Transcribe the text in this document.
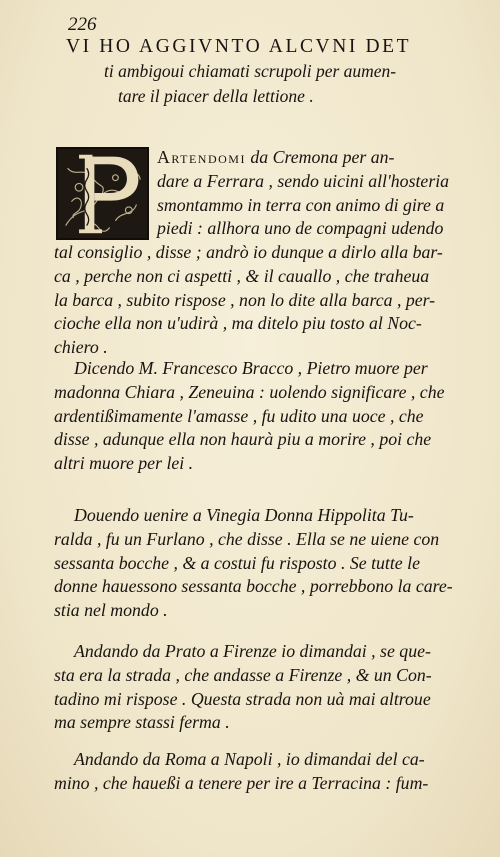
226
VI HO AGGIVNTO ALCVNI DET
ti ambigoui chiamati scrupoli per aumen-
tare il piacer della lettione .
Artendomi da Cremona per an-
dare a Ferrara , sendo uicini all'hosteria
smontammo in terra con animo di gire a
piedi : allhora uno de compagni udendo
tal consiglio , disse ; andrò io dunque a dirlo alla bar-
ca , perche non ci aspetti , & il cauallo , che traheua
la barca , subito rispose , non lo dite alla barca , per-
cioche ella non u'udirà , ma ditelo piu tosto al Noc-
chiero .
Dicendo M. Francesco Bracco , Pietro muore per
madonna Chiara , Zeneuina : uolendo significare , che
ardentißimamente l'amasse , fu udito una uoce , che
disse , adunque ella non haurà piu a morire , poi che
altri muore per lei .
Douendo uenire a Vinegia Donna Hippolita Tu-
ralda , fu un Furlano , che disse . Ella se ne uiene con
sessanta bocche , & a costui fu risposto . Se tutte le
donne hauessono sessanta bocche , porrebbono la care-
stia nel mondo .
Andando da Prato a Firenze io dimandai , se que-
sta era la strada , che andasse a Firenze , & un Con-
tadino mi rispose . Questa strada non uà mai altroue
ma sempre stassi ferma .
Andando da Roma a Napoli , io dimandai del ca-
mino , che haueßi a tenere per ire a Terracina : fum-
